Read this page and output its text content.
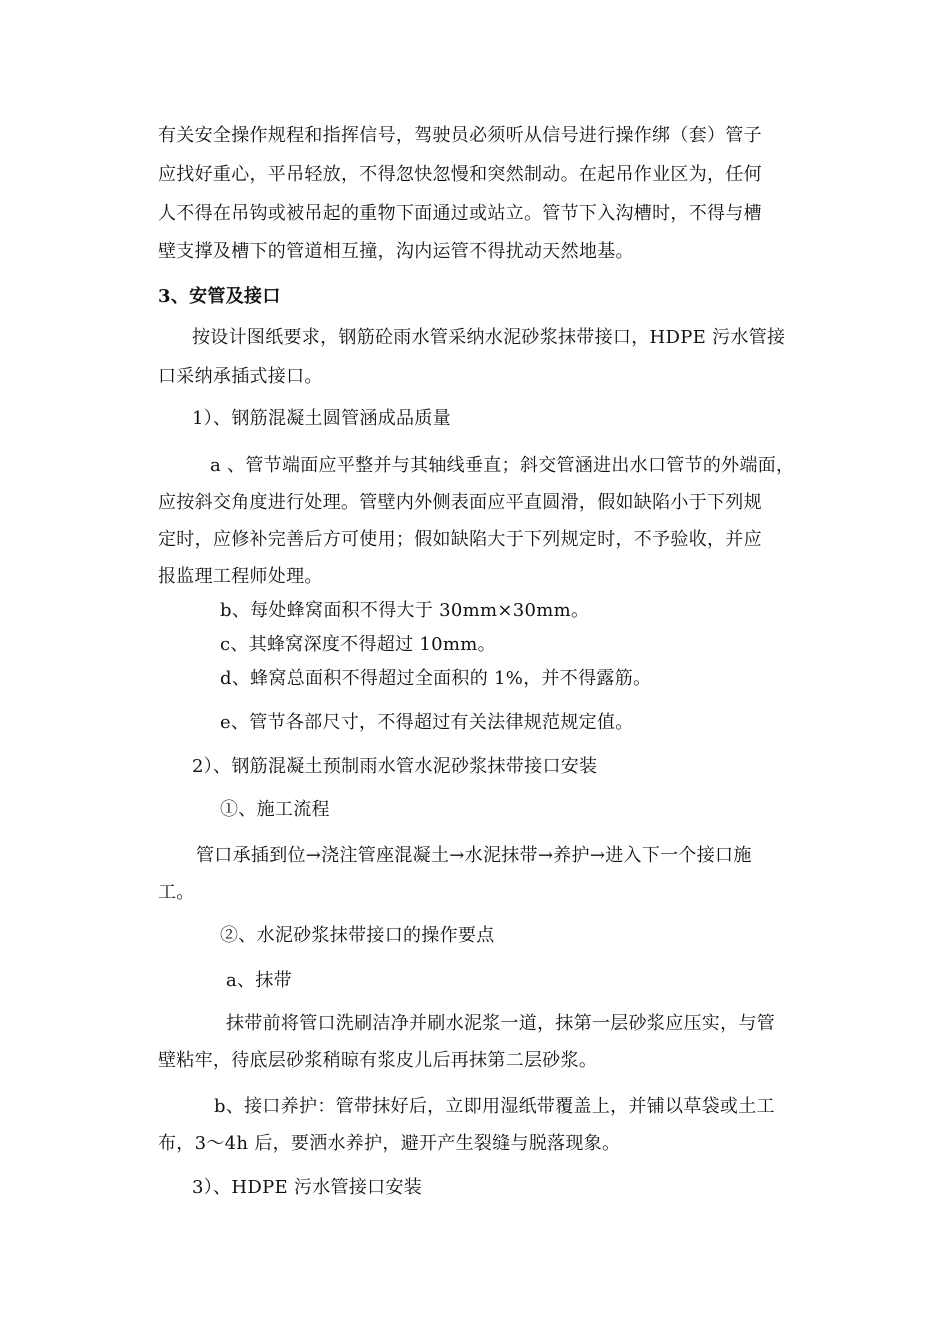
有关安全操作规程和指挥信号，驾驶员必须听从信号进行操作绑（套）管子
应找好重心，平吊轻放，不得忽快忽慢和突然制动。在起吊作业区为，任何
人不得在吊钩或被吊起的重物下面通过或站立。管节下入沟槽时，不得与槽
壁支撑及槽下的管道相互撞，沟内运管不得扰动天然地基。
3、安管及接口
按设计图纸要求，钢筋砼雨水管采纳水泥砂浆抹带接口，HDPE 污水管接
口采纳承插式接口。
1）、钢筋混凝土圆管涵成品质量
a 、管节端面应平整并与其轴线垂直；斜交管涵进出水口管节的外端面，
应按斜交角度进行处理。管壁内外侧表面应平直圆滑，假如缺陷小于下列规
定时，应修补完善后方可使用；假如缺陷大于下列规定时，不予验收，并应
报监理工程师处理。
b、每处蜂窝面积不得大于 30mm×30mm。
c、其蜂窝深度不得超过 10mm。
d、蜂窝总面积不得超过全面积的 1%，并不得露筋。
e、管节各部尺寸，不得超过有关法律规范规定值。
2）、钢筋混凝土预制雨水管水泥砂浆抹带接口安装
①、施工流程
管口承插到位→浇注管座混凝土→水泥抹带→养护→进入下一个接口施
工。
②、水泥砂浆抹带接口的操作要点
a、抹带
抹带前将管口洗刷洁净并刷水泥浆一道，抹第一层砂浆应压实，与管
壁粘牢，待底层砂浆稍晾有浆皮儿后再抹第二层砂浆。
b、接口养护：管带抹好后，立即用湿纸带覆盖上，并铺以草袋或土工
布，3～4h 后，要洒水养护，避开产生裂缝与脱落现象。
3）、HDPE 污水管接口安装
